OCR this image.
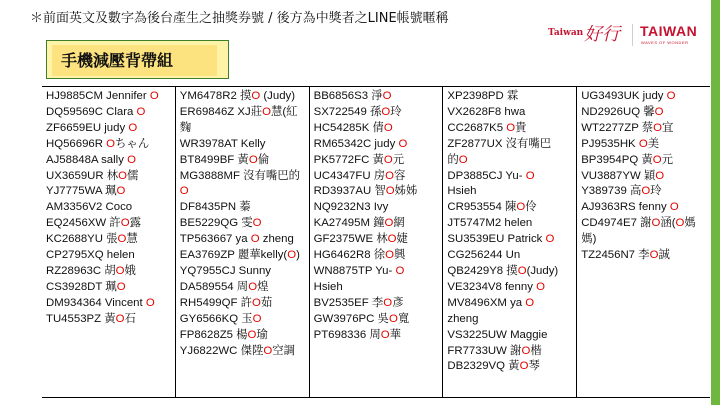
＊前面英文及數字為後台產生之抽獎券號 / 後方為中獎者之LINE帳號暱稱
Taiwan 好行 TAIWAN
WAVES OF WONDER
手機減壓背帶組
HJ9885CM Jennifer O
DQ59569C Clara O
ZF6659EU judy O
HQ56696R Oちゃん
AJ58848A sally O
UX3659UR 林O儒
YJ7775WA 珮O
AM3356V2 Coco
EQ2456XW 許O露
KC2688YU 張O慧
CP2795XQ helen
RZ28963C 胡O娥
CS3928DT 珮O
DM934364 Vincent O
TU4553PZ 黃O石
YM6478R2 摸O (Judy)
ER69846Z XJ莊O慧(紅麴
WR3978AT Kelly
BT8499BF 黃O倫
MG3888MF 沒有嘴巴的
O
DF8435PN 蓁
BE5229QG 雯O
TP563667 ya O zheng
EA3769ZP 麗華kelly(O)
YQ7955CJ Sunny
DA589554 周O煌
RH5499QF 許O茹
GY6566KQ 玉O
FP8628Z5 楊O瑜
YJ6822WC 傑陞O空調
BB6856S3 淨O
SX722549 孫O玲
HC54285K 倩O
RM65342C judy O
PK5772FC 黃O元
UC4347FU 房O容
RD3937AU 智O姊姊
NQ9232N3 Ivy
KA27495M 鐘O網
GF2375WE 林O婕
HG6462R8 徐O興
WN8875TP Yu- O
Hsieh
BV2535EF 李O彥
GW3976PC 吳O寬
PT698336 周O華
XP2398PD 霖
VX2628F8 hwa
CC2687K5 O貴
ZF2877UX 沒有嘴巴
的O
DP3885CJ Yu- O
Hsieh
CR953554 陳O伶
JT5747M2 helen
SU3539EU Patrick O
CG256244 Un
QB2429Y8 摸O(Judy)
VE3234V8 fenny O
MV8496XM ya O
zheng
VS3225UW Maggie
FR7733UW 謝O楷
DB2329VQ 黃O琴
UG3493UK judy O
ND2926UQ 馨O
WT2277ZP 蔡O宜
PJ9535HK O美
BP3954PQ 黃O元
VU3887YW 穎O
Y389739 高O玲
AJ9363RS fenny O
CD4974E7 謝O涵(O媽
媽)
TZ2456N7 李O誠
